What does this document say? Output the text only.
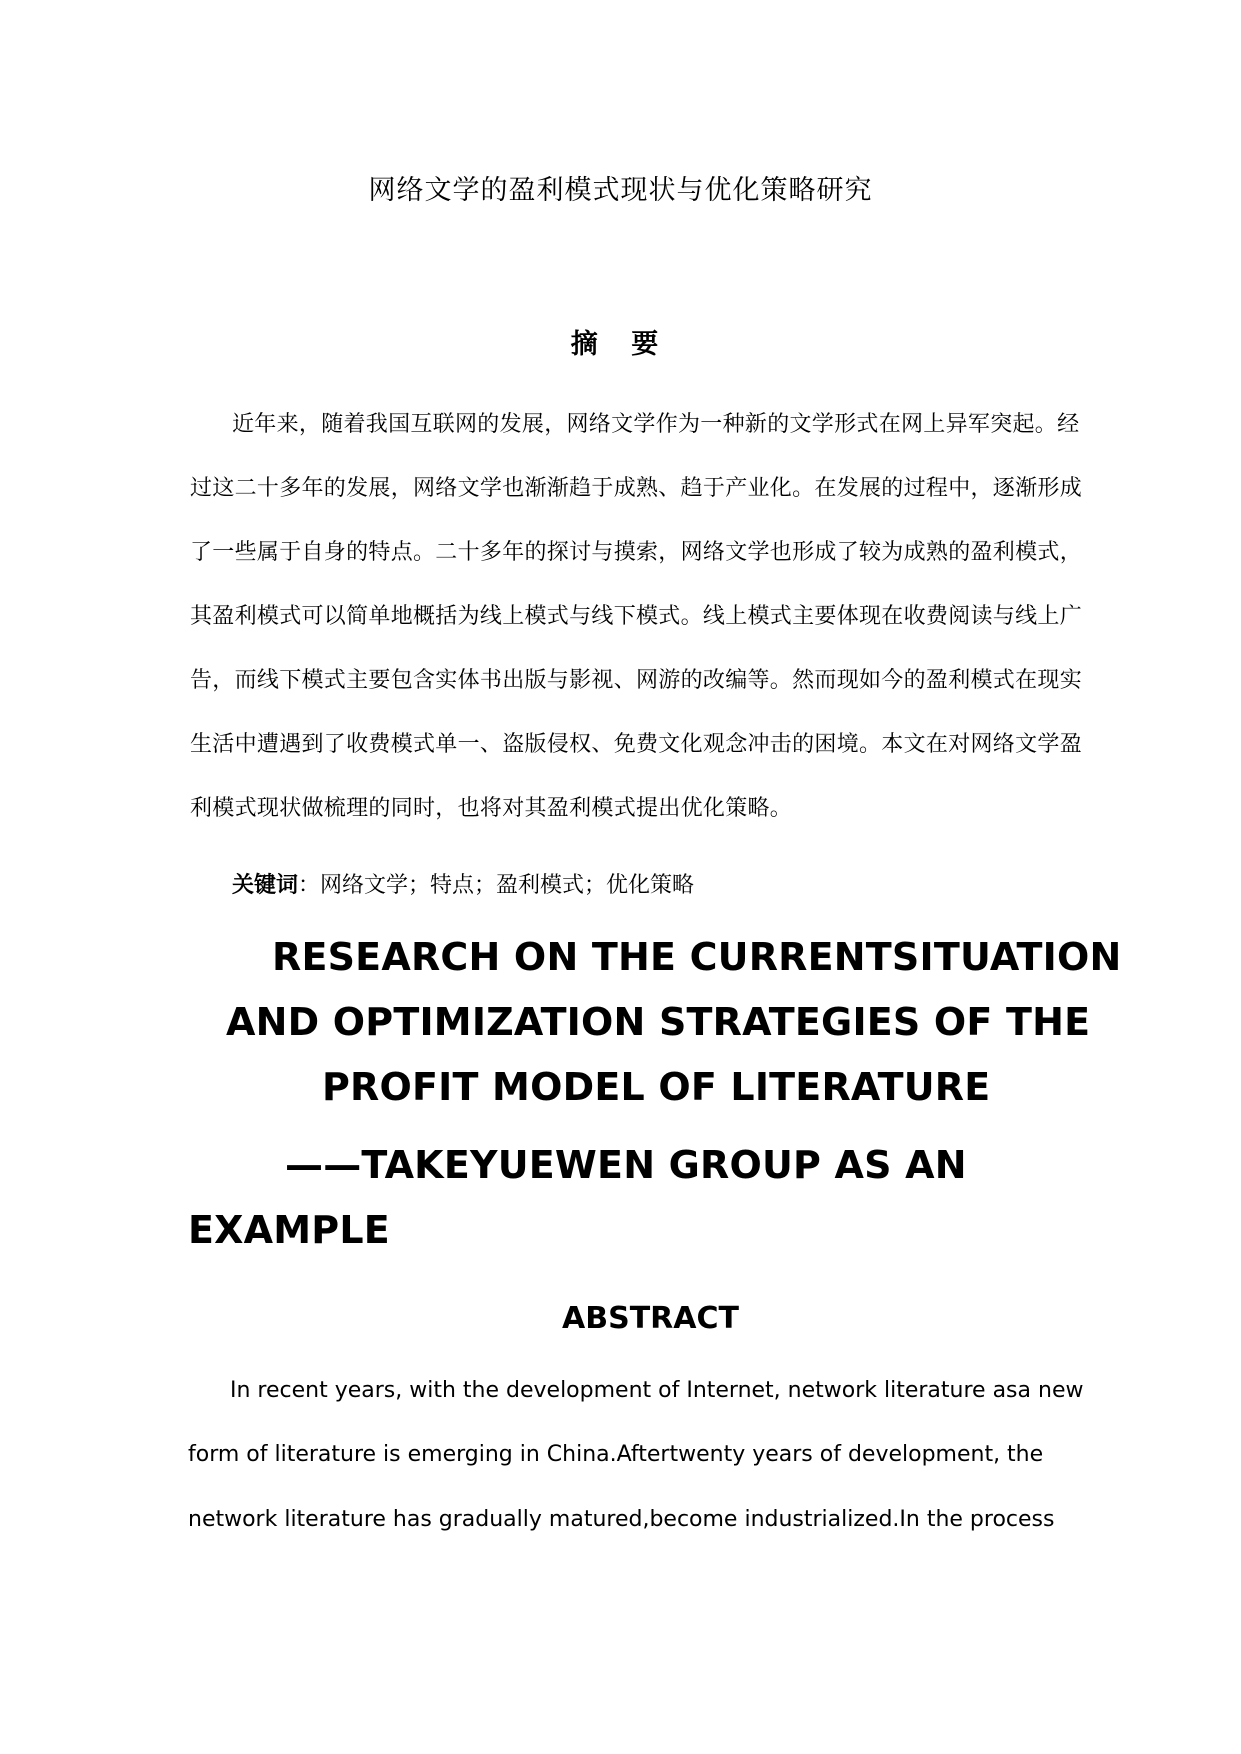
网络文学的盈利模式现状与优化策略研究
摘 要
近年来，随着我国互联网的发展，网络文学作为一种新的文学形式在网上异军突起。经
过这二十多年的发展，网络文学也渐渐趋于成熟、趋于产业化。在发展的过程中，逐渐形成
了一些属于自身的特点。二十多年的探讨与摸索，网络文学也形成了较为成熟的盈利模式，
其盈利模式可以简单地概括为线上模式与线下模式。线上模式主要体现在收费阅读与线上广
告，而线下模式主要包含实体书出版与影视、网游的改编等。然而现如今的盈利模式在现实
生活中遭遇到了收费模式单一、盗版侵权、免费文化观念冲击的困境。本文在对网络文学盈
利模式现状做梳理的同时，也将对其盈利模式提出优化策略。
关键词：网络文学；特点；盈利模式；优化策略
RESEARCH ON THE CURRENTSITUATION
AND OPTIMIZATION STRATEGIES OF THE
PROFIT MODEL OF LITERATURE
——TAKEYUEWEN GROUP AS AN
EXAMPLE
ABSTRACT
In recent years, with the development of Internet, network literature asa new
form of literature is emerging in China.Aftertwenty years of development, the
network literature has gradually matured,become industrialized.In the process
